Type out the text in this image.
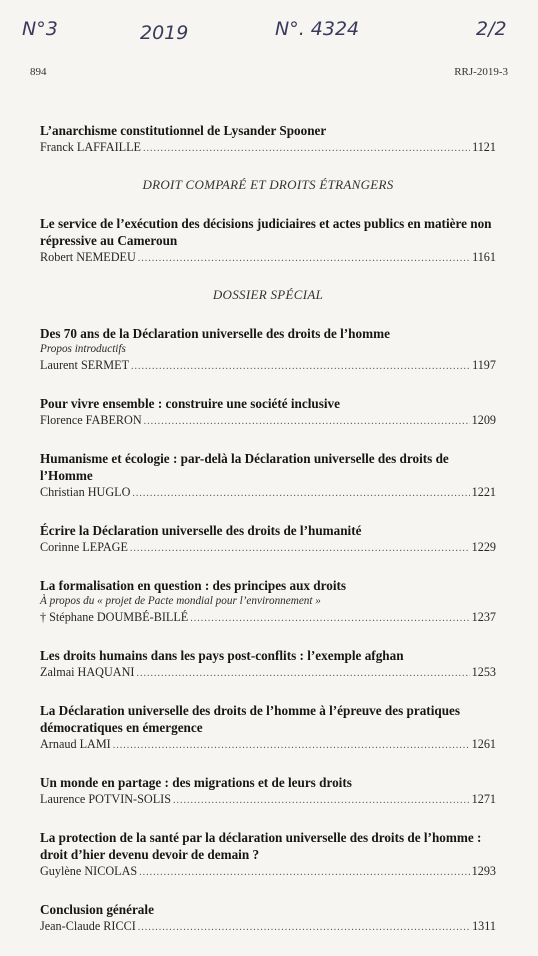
N°3	2019	N°. 4324	2/2
894	RRJ-2019-3
L’anarchisme constitutionnel de Lysander Spooner
Franck LAFFAILLE .....	1121
DROIT COMPARÉ ET DROITS ÉTRANGERS
Le service de l’exécution des décisions judiciaires et actes publics en matière non répressive au Cameroun
Robert NEMEDEU .....	1161
DOSSIER SPÉCIAL
Des 70 ans de la Déclaration universelle des droits de l’homme
Propos introductifs
Laurent SERMET .....	1197
Pour vivre ensemble : construire une société inclusive
Florence FABERON .....	1209
Humanisme et écologie : par-delà la Déclaration universelle des droits de l’Homme
Christian HUGLO .....	1221
Écrire la Déclaration universelle des droits de l’humanité
Corinne LEPAGE .....	1229
La formalisation en question : des principes aux droits
À propos du « projet de Pacte mondial pour l’environnement »
† Stéphane DOUMBÉ-BILLÉ .....	1237
Les droits humains dans les pays post-conflits : l’exemple afghan
Zalmai HAQUANI .....	1253
La Déclaration universelle des droits de l’homme à l’épreuve des pratiques démocratiques en émergence
Arnaud LAMI .....	1261
Un monde en partage : des migrations et de leurs droits
Laurence POTVIN-SOLIS .....	1271
La protection de la santé par la déclaration universelle des droits de l’homme : droit d’hier devenu devoir de demain ?
Guylène NICOLAS .....	1293
Conclusion générale
Jean-Claude RICCI .....	1311
